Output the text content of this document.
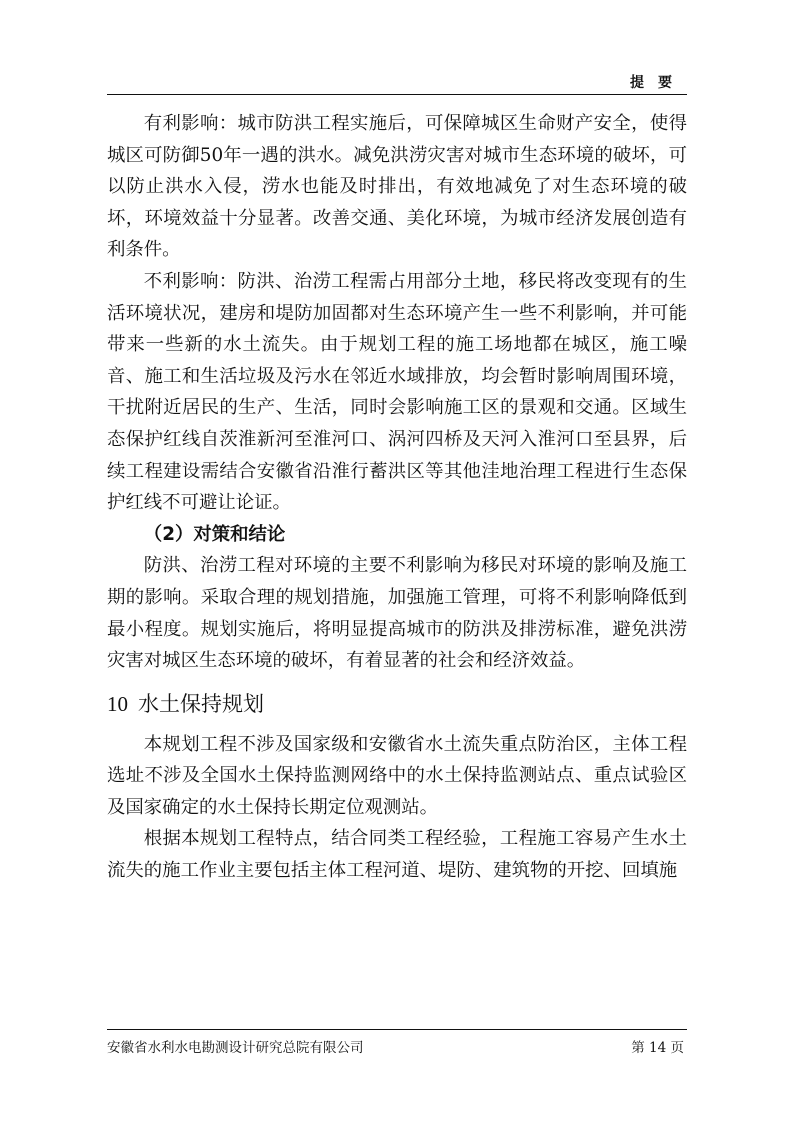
提要

有利影响：城市防洪工程实施后，可保障城区生命财产安全，使得城区可防御50年一遇的洪水。减免洪涝灾害对城市生态环境的破坏，可以防止洪水入侵，涝水也能及时排出，有效地减免了对生态环境的破坏，环境效益十分显著。改善交通、美化环境，为城市经济发展创造有利条件。

不利影响：防洪、治涝工程需占用部分土地，移民将改变现有的生活环境状况，建房和堤防加固都对生态环境产生一些不利影响，并可能带来一些新的水土流失。由于规划工程的施工场地都在城区，施工噪音、施工和生活垃圾及污水在邻近水域排放，均会暂时影响周围环境，干扰附近居民的生产、生活，同时会影响施工区的景观和交通。区域生态保护红线自茨淮新河至淮河口、涡河四桥及天河入淮河口至县界，后续工程建设需结合安徽省沿淮行蓄洪区等其他洼地治理工程进行生态保护红线不可避让论证。

（2）对策和结论

防洪、治涝工程对环境的主要不利影响为移民对环境的影响及施工期的影响。采取合理的规划措施，加强施工管理，可将不利影响降低到最小程度。规划实施后，将明显提高城市的防洪及排涝标准，避免洪涝灾害对城区生态环境的破坏，有着显著的社会和经济效益。

10 水土保持规划

本规划工程不涉及国家级和安徽省水土流失重点防治区，主体工程选址不涉及全国水土保持监测网络中的水土保持监测站点、重点试验区及国家确定的水土保持长期定位观测站。

根据本规划工程特点，结合同类工程经验，工程施工容易产生水土流失的施工作业主要包括主体工程河道、堤防、建筑物的开挖、回填施

安徽省水利水电勘测设计研究总院有限公司	第 14 页
